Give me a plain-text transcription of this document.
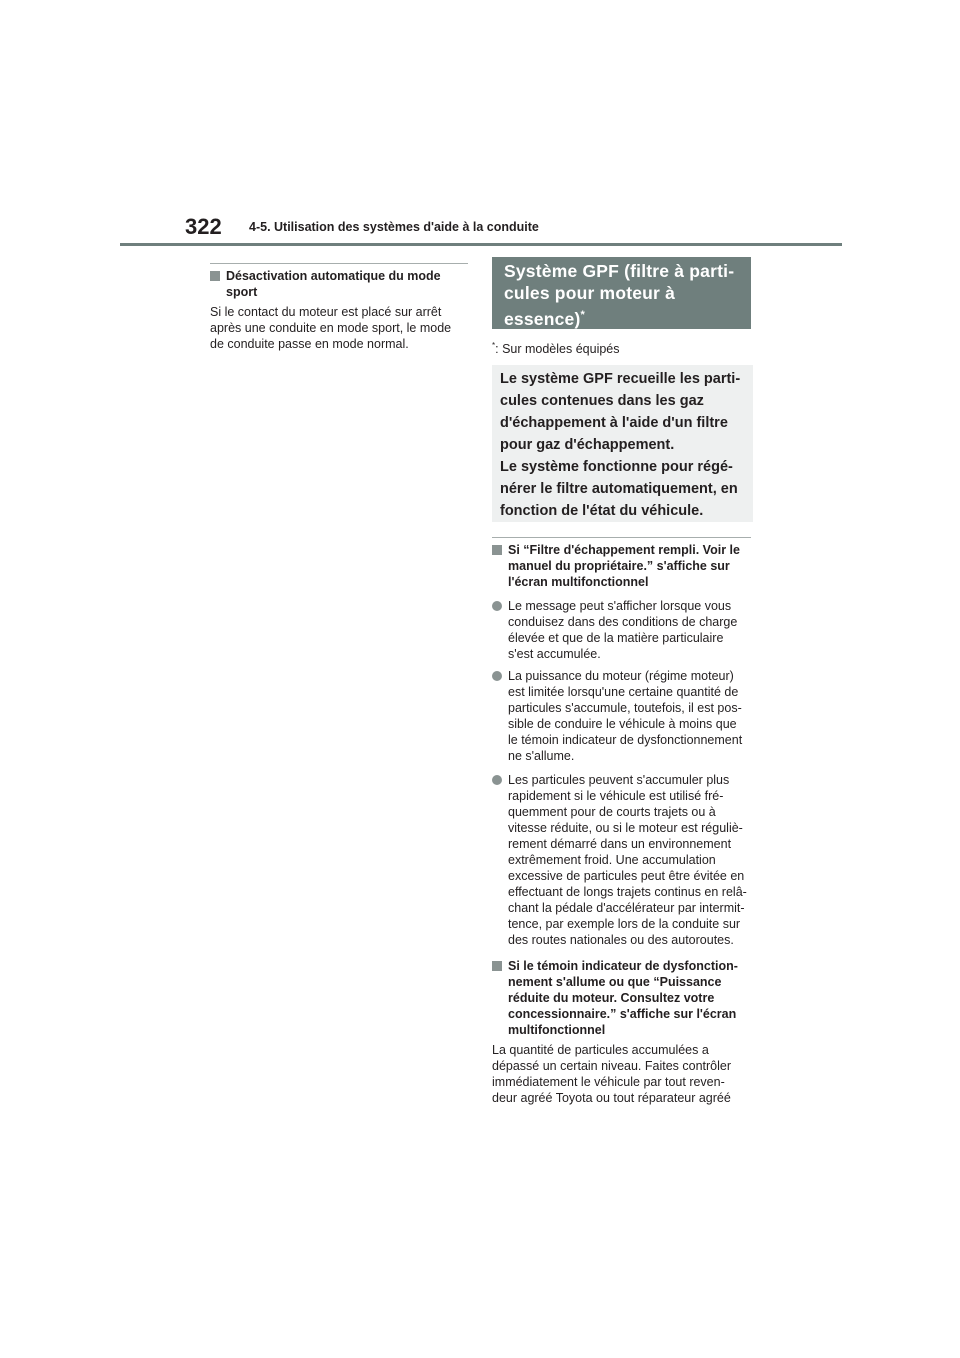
322 4-5. Utilisation des systèmes d'aide à la conduite
Désactivation automatique du mode
sport
Si le contact du moteur est placé sur arrêt
après une conduite en mode sport, le mode
de conduite passe en mode normal.
Système GPF (filtre à parti-
cules pour moteur à
essence)*
*: Sur modèles équipés
Le système GPF recueille les parti-
cules contenues dans les gaz
d'échappement à l'aide d'un filtre
pour gaz d'échappement.
Le système fonctionne pour régé-
nérer le filtre automatiquement, en
fonction de l'état du véhicule.
Si “Filtre d'échappement rempli. Voir le
manuel du propriétaire.” s'affiche sur
l'écran multifonctionnel
Le message peut s'afficher lorsque vous
conduisez dans des conditions de charge
élevée et que de la matière particulaire
s'est accumulée.
La puissance du moteur (régime moteur)
est limitée lorsqu'une certaine quantité de
particules s'accumule, toutefois, il est pos-
sible de conduire le véhicule à moins que
le témoin indicateur de dysfonctionnement
ne s'allume.
Les particules peuvent s'accumuler plus
rapidement si le véhicule est utilisé fré-
quemment pour de courts trajets ou à
vitesse réduite, ou si le moteur est réguliè-
rement démarré dans un environnement
extrêmement froid. Une accumulation
excessive de particules peut être évitée en
effectuant de longs trajets continus en relâ-
chant la pédale d'accélérateur par intermit-
tence, par exemple lors de la conduite sur
des routes nationales ou des autoroutes.
Si le témoin indicateur de dysfonction-
nement s'allume ou que “Puissance
réduite du moteur. Consultez votre
concessionnaire.” s'affiche sur l'écran
multifonctionnel
La quantité de particules accumulées a
dépassé un certain niveau. Faites contrôler
immédiatement le véhicule par tout reven-
deur agréé Toyota ou tout réparateur agréé
